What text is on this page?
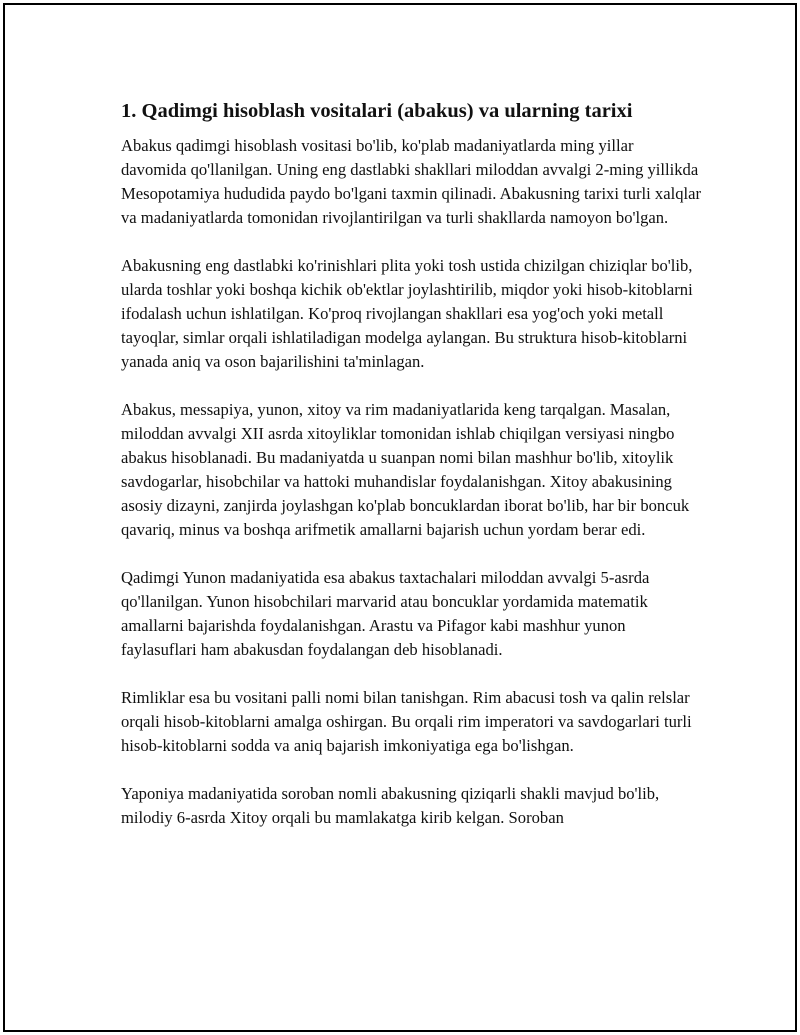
1. Qadimgi hisoblash vositalari (abakus) va ularning tarixi

Abakus qadimgi hisoblash vositasi bo'lib, ko'plab madaniyatlarda ming yillar davomida qo'llanilgan. Uning eng dastlabki shakllari miloddan avvalgi 2-ming yillikda Mesopotamiya hududida paydo bo'lgani taxmin qilinadi. Abakusning tarixi turli xalqlar va madaniyatlarda tomonidan rivojlantirilgan va turli shakllarda namoyon bo'lgan.

Abakusning eng dastlabki ko'rinishlari plita yoki tosh ustida chizilgan chiziqlar bo'lib, ularda toshlar yoki boshqa kichik ob'ektlar joylashtirilib, miqdor yoki hisob-kitoblarni ifodalash uchun ishlatilgan. Ko'proq rivojlangan shakllari esa yog'och yoki metall tayoqlar, simlar orqali ishlatiladigan modelga aylangan. Bu struktura hisob-kitoblarni yanada aniq va oson bajarilishini ta'minlagan.

Abakus, messapiya, yunon, xitoy va rim madaniyatlarida keng tarqalgan. Masalan, miloddan avvalgi XII asrda xitoyliklar tomonidan ishlab chiqilgan versiyasi ningbo abakus hisoblanadi. Bu madaniyatda u suanpan nomi bilan mashhur bo'lib, xitoylik savdogarlar, hisobchilar va hattoki muhandislar foydalanishgan. Xitoy abakusining asosiy dizayni, zanjirda joylashgan ko'plab boncuklardan iborat bo'lib, har bir boncuk qavariq, minus va boshqa arifmetik amallarni bajarish uchun yordam berar edi.

Qadimgi Yunon madaniyatida esa abakus taxtachalari miloddan avvalgi 5-asrda qo'llanilgan. Yunon hisobchilari marvarid atau boncuklar yordamida matematik amallarni bajarishda foydalanishgan. Arastu va Pifagor kabi mashhur yunon faylasuflari ham abakusdan foydalangan deb hisoblanadi.

Rimliklar esa bu vositani palli nomi bilan tanishgan. Rim abacusi tosh va qalin relslar orqali hisob-kitoblarni amalga oshirgan. Bu orqali rim imperatori va savdogarlari turli hisob-kitoblarni sodda va aniq bajarish imkoniyatiga ega bo'lishgan.

Yaponiya madaniyatida soroban nomli abakusning qiziqarli shakli mavjud bo'lib, milodiy 6-asrda Xitoy orqali bu mamlakatga kirib kelgan. Soroban
